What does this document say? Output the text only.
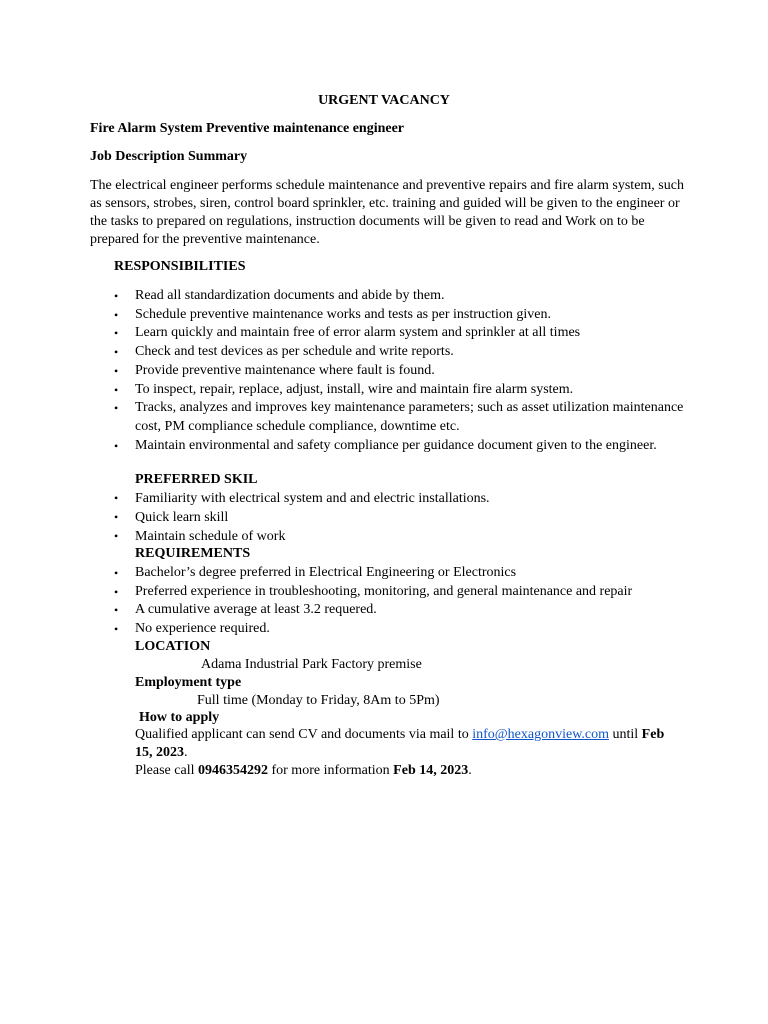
URGENT VACANCY
Fire Alarm System Preventive maintenance engineer
Job Description Summary
The electrical engineer performs schedule maintenance and preventive repairs and fire alarm system, such as sensors, strobes, siren, control board sprinkler, etc. training and guided will be given to the engineer or the tasks to prepared on regulations, instruction documents will be given to read and Work on to be prepared for the preventive maintenance.
RESPONSIBILITIES
• Read all standardization documents and abide by them.
• Schedule preventive maintenance works and tests as per instruction given.
• Learn quickly and maintain free of error alarm system and sprinkler at all times
• Check and test devices as per schedule and write reports.
• Provide preventive maintenance where fault is found.
• To inspect, repair, replace, adjust, install, wire and maintain fire alarm system.
• Tracks, analyzes and improves key maintenance parameters; such as asset utilization maintenance cost, PM compliance schedule compliance, downtime etc.
• Maintain environmental and safety compliance per guidance document given to the engineer.
PREFERRED SKIL
• Familiarity with electrical system and and electric installations.
• Quick learn skill
• Maintain schedule of work
REQUIREMENTS
• Bachelor’s degree preferred in Electrical Engineering or Electronics
• Preferred experience in troubleshooting, monitoring, and general maintenance and repair
• A cumulative average at least 3.2 requered.
• No experience required.
LOCATION
Adama Industrial Park Factory premise
Employment type
Full time (Monday to Friday, 8Am to 5Pm)
How to apply
Qualified applicant can send CV and documents via mail to info@hexagonview.com until Feb 15, 2023.
Please call 0946354292 for more information Feb 14, 2023.
